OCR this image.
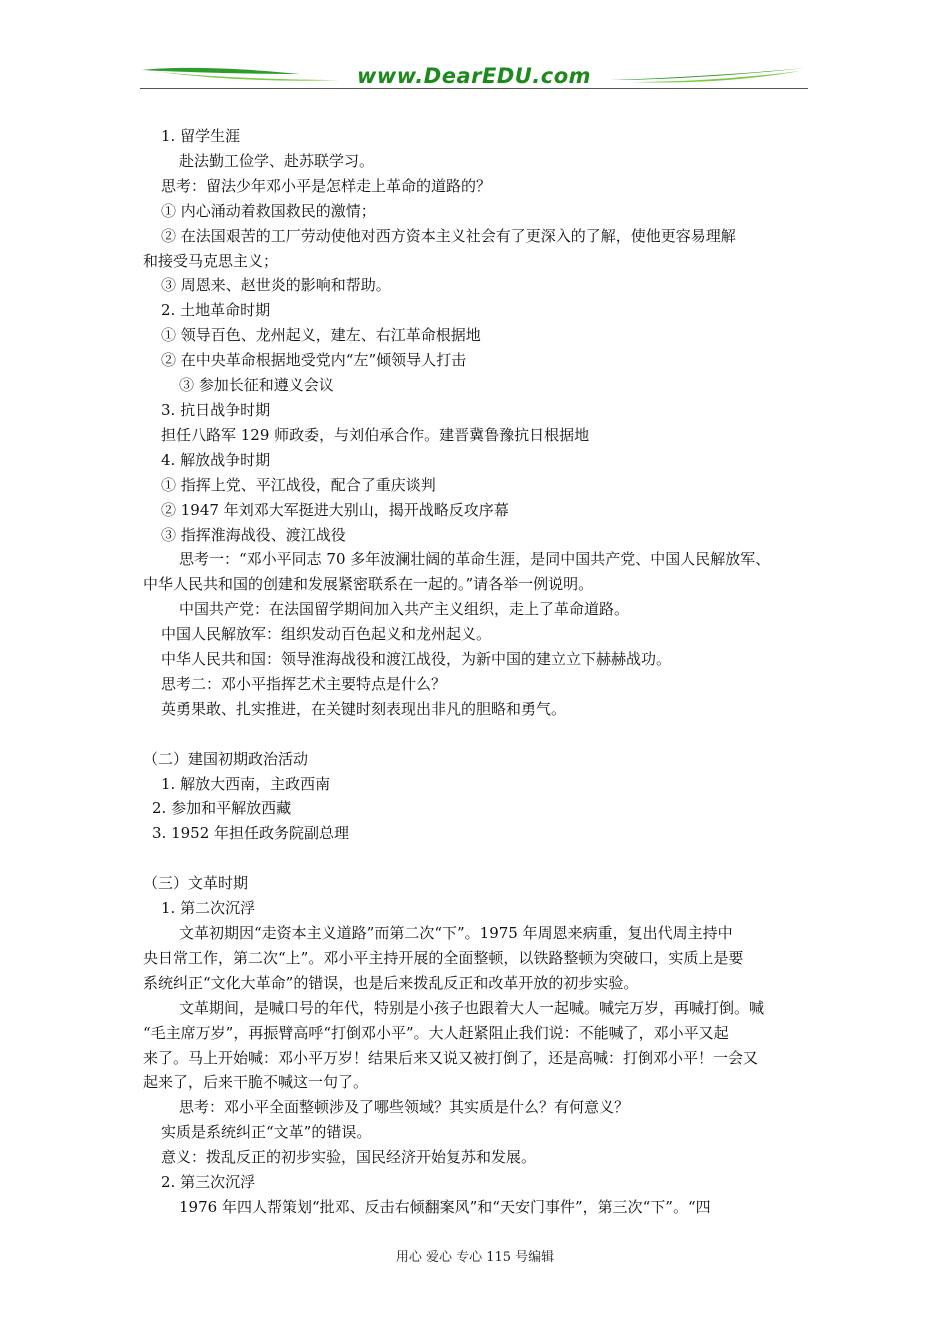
www.DearEDU.com
1. 留学生涯
赴法勤工俭学、赴苏联学习。
思考：留法少年邓小平是怎样走上革命的道路的？
① 内心涌动着救国救民的激情；
② 在法国艰苦的工厂劳动使他对西方资本主义社会有了更深入的了解，使他更容易理解
和接受马克思主义；
③ 周恩来、赵世炎的影响和帮助。
2. 土地革命时期
① 领导百色、龙州起义，建左、右江革命根据地
② 在中央革命根据地受党内“左”倾领导人打击
③ 参加长征和遵义会议
3. 抗日战争时期
担任八路军 129 师政委，与刘伯承合作。建晋冀鲁豫抗日根据地
4. 解放战争时期
① 指挥上党、平江战役，配合了重庆谈判
② 1947 年刘邓大军挺进大别山，揭开战略反攻序幕
③ 指挥淮海战役、渡江战役
思考一：“邓小平同志 70 多年波澜壮阔的革命生涯，是同中国共产党、中国人民解放军、
中华人民共和国的创建和发展紧密联系在一起的。”请各举一例说明。
中国共产党：在法国留学期间加入共产主义组织，走上了革命道路。
中国人民解放军：组织发动百色起义和龙州起义。
中华人民共和国：领导淮海战役和渡江战役，为新中国的建立立下赫赫战功。
思考二：邓小平指挥艺术主要特点是什么？
英勇果敢、扎实推进，在关键时刻表现出非凡的胆略和勇气。
（二）建国初期政治活动
1. 解放大西南，主政西南
2. 参加和平解放西藏
3. 1952 年担任政务院副总理
（三）文革时期
1. 第二次沉浮
文革初期因“走资本主义道路”而第二次“下”。1975 年周恩来病重，复出代周主持中
央日常工作，第二次“上”。邓小平主持开展的全面整顿，以铁路整顿为突破口，实质上是要
系统纠正“文化大革命”的错误，也是后来拨乱反正和改革开放的初步实验。
文革期间，是喊口号的年代，特别是小孩子也跟着大人一起喊。喊完万岁，再喊打倒。喊
“毛主席万岁”，再振臂高呼“打倒邓小平”。大人赶紧阻止我们说：不能喊了，邓小平又起
来了。马上开始喊：邓小平万岁！结果后来又说又被打倒了，还是高喊：打倒邓小平！一会又
起来了，后来干脆不喊这一句了。
思考：邓小平全面整顿涉及了哪些领域？其实质是什么？有何意义？
实质是系统纠正“文革”的错误。
意义：拨乱反正的初步实验，国民经济开始复苏和发展。
2. 第三次沉浮
1976 年四人帮策划“批邓、反击右倾翻案风”和“天安门事件”，第三次“下”。“四
用心 爱心 专心 115 号编辑
